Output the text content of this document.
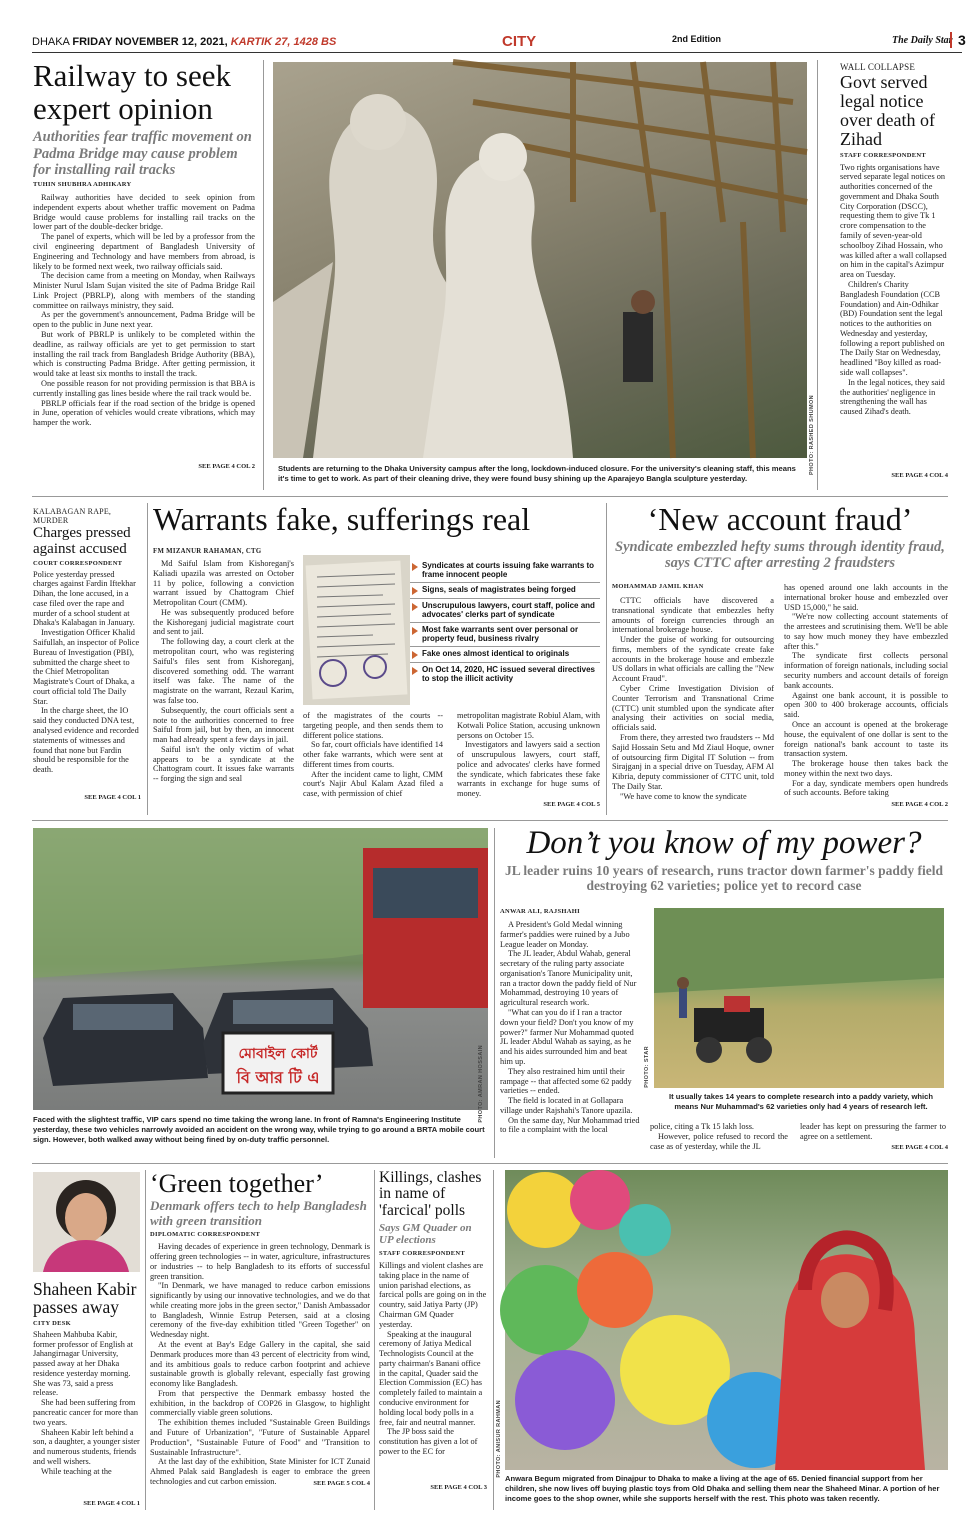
DHAKA FRIDAY NOVEMBER 12, 2021, KARTIK 27, 1428 BS	CITY	2nd Edition	The Daily Star 3
Railway to seek expert opinion
Authorities fear traffic movement on Padma Bridge may cause problem for installing rail tracks
TUHIN SHUBHRA ADHIKARY

Railway authorities have decided to seek opinion from independent experts about whether traffic movement on Padma Bridge would cause problems for installing rail tracks on the lower part of the double-decker bridge.

The panel of experts, which will be led by a professor from the civil engineering department of Bangladesh University of Engineering and Technology and have members from abroad, is likely to be formed next week, two railway officials said.

The decision came from a meeting on Monday, when Railways Minister Nurul Islam Sujan visited the site of Padma Bridge Rail Link Project (PBRLP), along with members of the standing committee on railways ministry, they said.

As per the government's announcement, Padma Bridge will be open to the public in June next year.

But work of PBRLP is unlikely to be completed within the deadline, as railway officials are yet to get permission to start installing the rail track from Bangladesh Bridge Authority (BBA), which is constructing Padma Bridge. After getting permission, it would take at least six months to install the track.

One possible reason for not providing permission is that BBA is currently installing gas lines beside where the rail track would be.

PBRLP officials fear if the road section of the bridge is opened in June, operation of vehicles would create vibrations, which may hamper the work.

SEE PAGE 4 COL 2	PHOTO: RASHED SHUMON
Students are returning to the Dhaka University campus after the long, lockdown-induced closure. For the university's cleaning staff, this means it's time to get to work. As part of their cleaning drive, they were found busy shining up the Aparajeyo Bangla sculpture yesterday.
WALL COLLAPSE
Govt served legal notice over death of Zihad
STAFF CORRESPONDENT

Two rights organisations have served separate legal notices on authorities concerned of the government and Dhaka South City Corporation (DSCC), requesting them to give Tk 1 crore compensation to the family of seven-year-old schoolboy Zihad Hossain, who was killed after a wall collapsed on him in the capital's Azimpur area on Tuesday.

Children's Charity Bangladesh Foundation (CCB Foundation) and Ain-Odhikar (BD) Foundation sent the legal notices to the authorities on Wednesday and yesterday, following a report published on The Daily Star on Wednesday, headlined "Boy killed as road-side wall collapses".

In the legal notices, they said the authorities' negligence in strengthening the wall has caused Zihad's death.

SEE PAGE 4 COL 4
KALABAGAN RAPE, MURDER
Charges pressed against accused
COURT CORRESPONDENT

Police yesterday pressed charges against Fardin Iftekhar Dihan, the lone accused, in a case filed over the rape and murder of a school student at Dhaka's Kalabagan in January.

Investigation Officer Khalid Saifullah, an inspector of Police Bureau of Investigation (PBI), submitted the charge sheet to the Chief Metropolitan Magistrate's Court of Dhaka, a court official told The Daily Star.

In the charge sheet, the IO said they conducted DNA test, analysed evidence and recorded statements of witnesses and found that none but Fardin should be responsible for the death.

SEE PAGE 4 COL 1
Warrants fake, sufferings real
FM MIZANUR RAHAMAN, CTG

Md Saiful Islam from Kishoreganj's Kaliadi upazila was arrested on October 11 by police, following a conviction warrant issued by Chattogram Chief Metropolitan Court (CMM).

He was subsequently produced before the Kishoreganj judicial magistrate court and sent to jail.

The following day, a court clerk at the metropolitan court, who was registering Saiful's files sent from Kishoreganj, discovered something odd. The warrant itself was fake. The name of the magistrate on the warrant, Rezaul Karim, was false too.

Subsequently, the court officials sent a note to the authorities concerned to free Saiful from jail, but by then, an innocent man had already spent a few days in jail.

Saiful isn't the only victim of what appears to be a syndicate at the Chattogram court. It issues fake warrants -- forging the sign and seal

Syndicates at courts issuing fake warrants to frame innocent people
Signs, seals of magistrates being forged
Unscrupulous lawyers, court staff, police and advocates' clerks part of syndicate
Most fake warrants sent over personal or property feud, business rivalry
Fake ones almost identical to originals
On Oct 14, 2020, HC issued several directives to stop the illicit activity

of the magistrates of the courts -- targeting people, and then sends them to different police stations.

So far, court officials have identified 14 other fake warrants, which were sent at different times from courts.

After the incident came to light, CMM court's Najir Abul Kalam Azad filed a case, with permission of chief

metropolitan magistrate Robiul Alam, with Kotwali Police Station, accusing unknown persons on October 15.

Investigators and lawyers said a section of unscrupulous lawyers, court staff, police and advocates' clerks have formed the syndicate, which fabricates these fake warrants in exchange for huge sums of money.

SEE PAGE 4 COL 5
‘New account fraud’
Syndicate embezzled hefty sums through identity fraud, says CTTC after arresting 2 fraudsters
MOHAMMAD JAMIL KHAN

CTTC officials have discovered a transnational syndicate that embezzles hefty amounts of foreign currencies through an international brokerage house.

Under the guise of working for outsourcing firms, members of the syndicate create fake accounts in the brokerage house and embezzle US dollars in what officials are calling the "New Account Fraud".

Cyber Crime Investigation Division of Counter Terrorism and Transnational Crime (CTTC) unit stumbled upon the syndicate after analysing their activities on social media, officials said.

From there, they arrested two fraudsters -- Md Sajid Hossain Setu and Md Ziaul Hoque, owner of outsourcing firm Digital IT Solution -- from Sirajganj in a special drive on Tuesday, AFM Al Kibria, deputy commissioner of CTTC unit, told The Daily Star.

"We have come to know the syndicate

has opened around one lakh accounts in the international broker house and embezzled over USD 15,000," he said.

"We're now collecting account statements of the arrestees and scrutinising them. We'll be able to say how much money they have embezzled after this."

The syndicate first collects personal information of foreign nationals, including social security numbers and account details of foreign bank accounts.

Against one bank account, it is possible to open 300 to 400 brokerage accounts, officials said.

Once an account is opened at the brokerage house, the equivalent of one dollar is sent to the foreign national's bank account to taste its transaction system.

The brokerage house then takes back the money within the next two days.

For a day, syndicate members open hundreds of such accounts. Before taking

SEE PAGE 4 COL 2
মোবাইল কোর্ট
বি আর টি এ	PHOTO: AMRAN HOSSAIN
Faced with the slightest traffic, VIP cars spend no time taking the wrong lane. In front of Ramna's Engineering Institute yesterday, these two vehicles narrowly avoided an accident on the wrong way, while trying to go around a BRTA mobile court sign. However, both walked away without being fined by on-duty traffic personnel.
Don’t you know of my power?
JL leader ruins 10 years of research, runs tractor down farmer's paddy field destroying 62 varieties; police yet to record case
ANWAR ALI, RAJSHAHI

A President's Gold Medal winning farmer's paddies were ruined by a Jubo League leader on Monday.

The JL leader, Abdul Wahab, general secretary of the ruling party associate organisation's Tanore Municipality unit, ran a tractor down the paddy field of Nur Mohammad, destroying 10 years of agricultural research work.

"What can you do if I ran a tractor down your field? Don't you know of my power?" farmer Nur Mohammad quoted JL leader Abdul Wahab as saying, as he and his aides surrounded him and beat him up.

They also restrained him until their rampage -- that affected some 62 paddy varieties -- ended.

The field is located in at Gollapara village under Rajshahi's Tanore upazila.

On the same day, Nur Mohammad tried to file a complaint with the local

PHOTO: STAR
It usually takes 14 years to complete research into a paddy variety, which means Nur Muhammad's 62 varieties only had 4 years of research left.

police, citing a Tk 15 lakh loss.

However, police refused to record the case as of yesterday, while the JL

leader has kept on pressuring the farmer to agree on a settlement.

SEE PAGE 4 COL 4
Shaheen Kabir passes away
CITY DESK

Shaheen Mahbuba Kabir, former professor of English at Jahangirnagar University, passed away at her Dhaka residence yesterday morning. She was 73, said a press release.

She had been suffering from pancreatic cancer for more than two years.

Shaheen Kabir left behind a son, a daughter, a younger sister and numerous students, friends and well wishers.

While teaching at the

SEE PAGE 4 COL 1
‘Green together’
Denmark offers tech to help Bangladesh with green transition
DIPLOMATIC CORRESPONDENT

Having decades of experience in green technology, Denmark is offering green technologies -- in water, agriculture, infrastructures or industries -- to help Bangladesh to its efforts of successful green transition.

"In Denmark, we have managed to reduce carbon emissions significantly by using our innovative technologies, and we do that while creating more jobs in the green sector," Danish Ambassador to Bangladesh, Winnie Estrup Petersen, said at a closing ceremony of the five-day exhibition titled "Green Together" on Wednesday night.

At the event at Bay's Edge Gallery in the capital, she said Denmark produces more than 43 percent of electricity from wind, and its ambitious goals to reduce carbon footprint and achieve sustainable growth is globally relevant, especially fast growing economy like Bangladesh.

From that perspective the Denmark embassy hosted the exhibition, in the backdrop of COP26 in Glasgow, to highlight commercially viable green solutions.

The exhibition themes included "Sustainable Green Buildings and Future of Urbanization", "Future of Sustainable Apparel Production", "Sustainable Future of Food" and "Transition to Sustainable Infrastructure".

At the last day of the exhibition, State Minister for ICT Zunaid Ahmed Palak said Bangladesh is eager to embrace the green technologies and cut carbon emission.	SEE PAGE 5 COL 4
Killings, clashes in name of 'farcical' polls
Says GM Quader on UP elections
STAFF CORRESPONDENT

Killings and violent clashes are taking place in the name of union parishad elections, as farcical polls are going on in the country, said Jatiya Party (JP) Chairman GM Quader yesterday.

Speaking at the inaugural ceremony of Jatiya Medical Technologists Council at the party chairman's Banani office in the capital, Quader said the Election Commission (EC) has completely failed to maintain a conducive environment for holding local body polls in a free, fair and neutral manner.

The JP boss said the constitution has given a lot of power to the EC for

SEE PAGE 4 COL 3
PHOTO: ANISUR RAHMAN
Anwara Begum migrated from Dinajpur to Dhaka to make a living at the age of 65. Denied financial support from her children, she now lives off buying plastic toys from Old Dhaka and selling them near the Shaheed Minar. A portion of her income goes to the shop owner, while she supports herself with the rest. This photo was taken recently.
